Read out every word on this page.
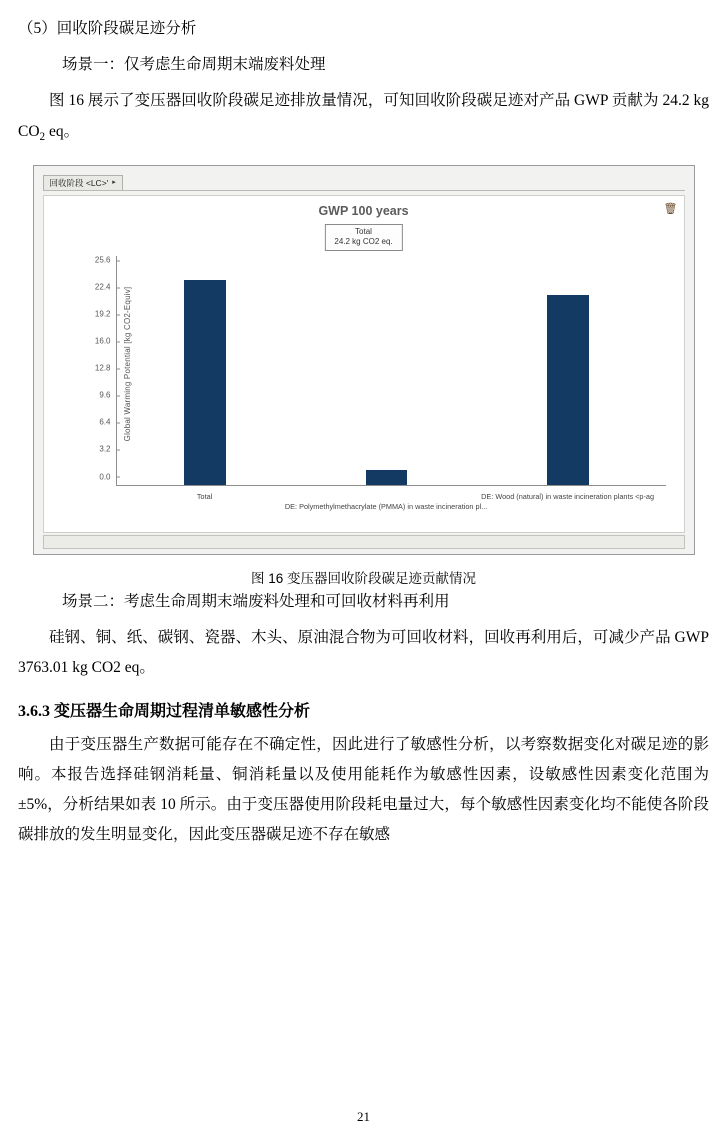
（5）回收阶段碳足迹分析
场景一：仅考虑生命周期末端废料处理
图 16 展示了变压器回收阶段碳足迹排放量情况，可知回收阶段碳足迹对产品 GWP 贡献为 24.2 kg $CO_2$ eq。
回收阶段 <LC>' ▸
GWP 100 years	🗑
Total
24.2 kg CO2 eq.
Global Warming Potential [kg CO2-Equiv]
0.0
3.2
6.4
9.6
12.8
16.0
19.2
22.4
25.6
Total
DE: Polymethylmethacrylate (PMMA) in waste incineration pl...
DE: Wood (natural) in waste incineration plants <p-ag
图 16 变压器回收阶段碳足迹贡献情况
场景二：考虑生命周期末端废料处理和可回收材料再利用
硅钢、铜、纸、碳钢、瓷器、木头、原油混合物为可回收材料，回收再利用后，可减少产品 GWP 3763.01 kg CO2 eq。
3.6.3 变压器生命周期过程清单敏感性分析
由于变压器生产数据可能存在不确定性，因此进行了敏感性分析，以考察数据变化对碳足迹的影响。本报告选择硅钢消耗量、铜消耗量以及使用能耗作为敏感性因素，设敏感性因素变化范围为±5%，分析结果如表 10 所示。由于变压器使用阶段耗电量过大，每个敏感性因素变化均不能使各阶段碳排放的发生明显变化，因此变压器碳足迹不存在敏感
21
